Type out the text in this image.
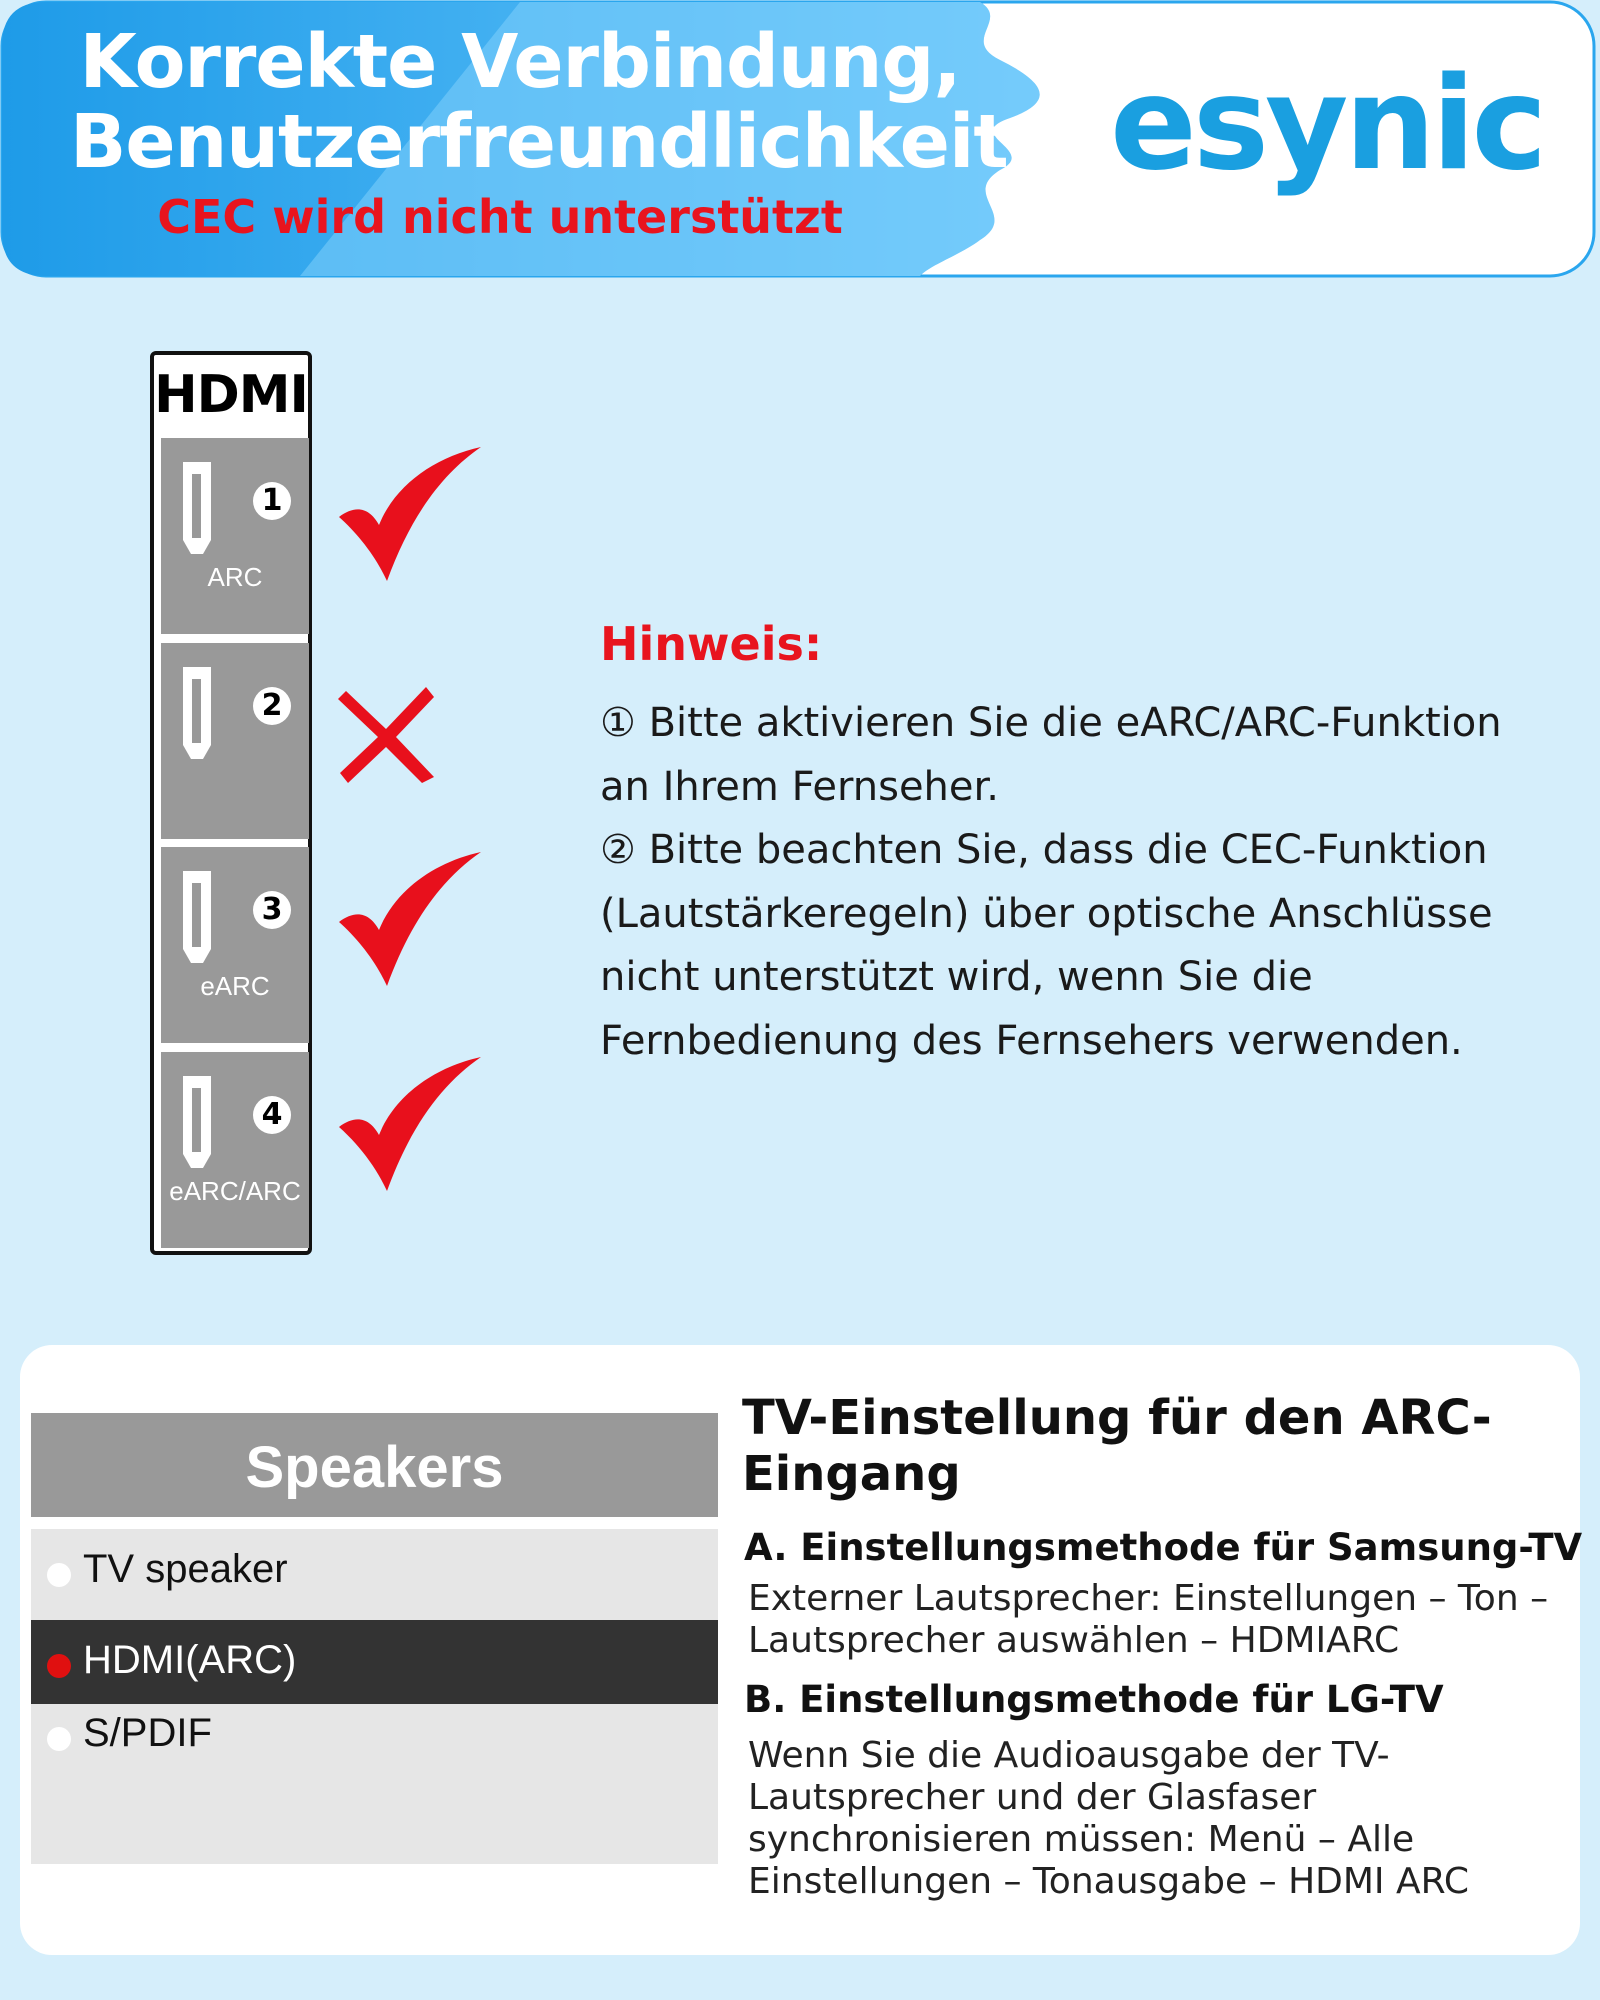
Korrekte Verbindung,
Benutzerfreundlichkeit
CEC wird nicht unterstützt
esynic
HDMI
1
ARC
2
3
eARC
4
eARC/ARC
Hinweis:

① Bitte aktivieren Sie die eARC/ARC-Funktion an Ihrem Fernseher.

② Bitte beachten Sie, dass die CEC-Funktion (Lautstärkeregeln) über optische Anschlüsse nicht unterstützt wird, wenn Sie die Fernbedienung des Fernsehers verwenden.

Speakers
TV speaker
HDMI(ARC)
S/PDIF
TV-Einstellung für den ARC-Eingang
A. Einstellungsmethode für Samsung-TV

Externer Lautsprecher: Einstellungen – Ton – Lautsprecher auswählen – HDMIARC

B. Einstellungsmethode für LG-TV

Wenn Sie die Audioausgabe der TV-Lautsprecher und der Glasfaser synchronisieren müssen: Menü – Alle Einstellungen – Tonausgabe – HDMI ARC
